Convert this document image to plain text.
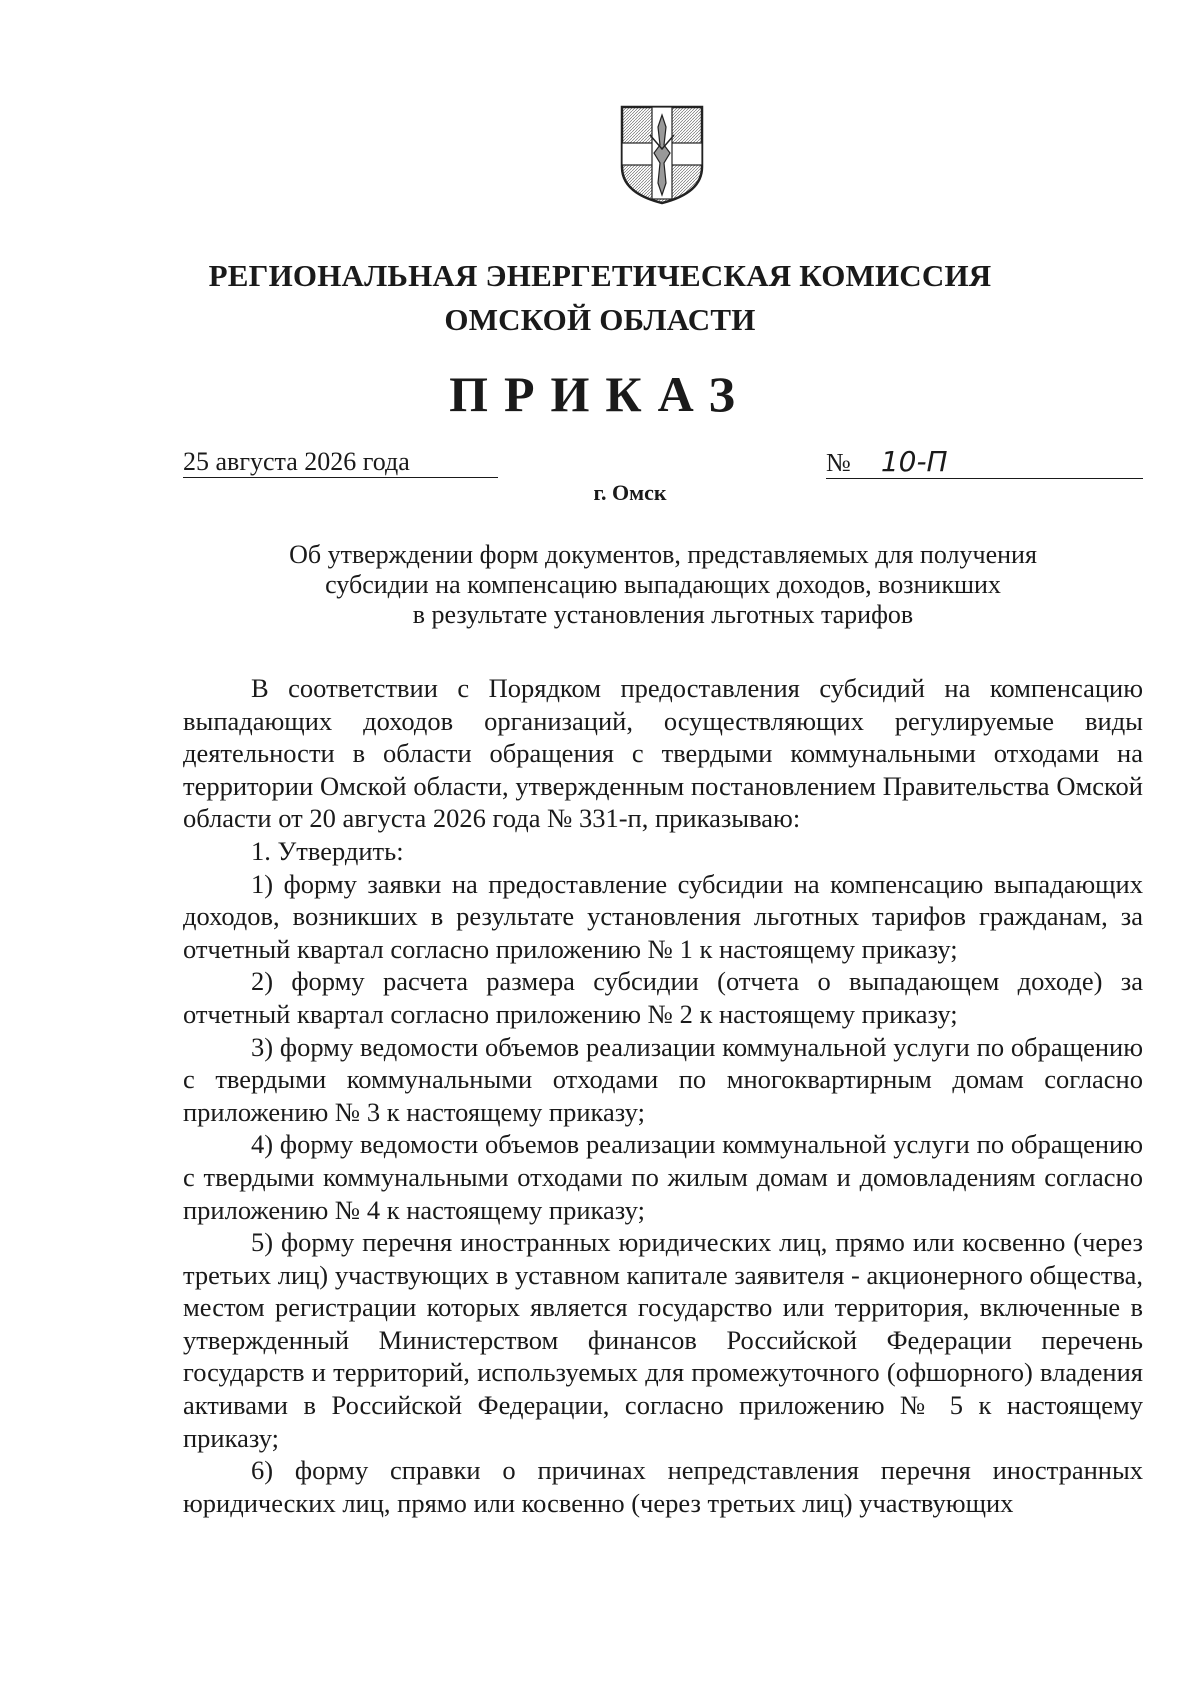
РЕГИОНАЛЬНАЯ ЭНЕРГЕТИЧЕСКАЯ КОМИССИЯ
ОМСКОЙ ОБЛАСТИ
ПРИКАЗ
25 августа 2026 года	№ 10-П
г. Омск
Об утверждении форм документов, представляемых для получения
субсидии на компенсацию выпадающих доходов, возникших
в результате установления льготных тарифов

В соответствии с Порядком предоставления субсидий на компенсацию выпадающих доходов организаций, осуществляющих регулируемые виды деятельности в области обращения с твердыми коммунальными отходами на территории Омской области, утвержденным постановлением Правительства Омской области от 20 августа 2026 года № 331-п, приказываю:

1. Утвердить:

1) форму заявки на предоставление субсидии на компенсацию выпадающих доходов, возникших в результате установления льготных тарифов гражданам, за отчетный квартал согласно приложению № 1 к настоящему приказу;

2) форму расчета размера субсидии (отчета о выпадающем доходе) за отчетный квартал согласно приложению № 2 к настоящему приказу;

3) форму ведомости объемов реализации коммунальной услуги по обращению с твердыми коммунальными отходами по многоквартирным домам согласно приложению № 3 к настоящему приказу;

4) форму ведомости объемов реализации коммунальной услуги по обращению с твердыми коммунальными отходами по жилым домам и домовладениям согласно приложению № 4 к настоящему приказу;

5) форму перечня иностранных юридических лиц, прямо или косвенно (через третьих лиц) участвующих в уставном капитале заявителя - акционерного общества, местом регистрации которых является государство или территория, включенные в утвержденный Министерством финансов Российской Федерации перечень государств и территорий, используемых для промежуточного (офшорного) владения активами в Российской Федерации, согласно приложению № 5 к настоящему приказу;

6) форму справки о причинах непредставления перечня иностранных юридических лиц, прямо или косвенно (через третьих лиц) участвующих
